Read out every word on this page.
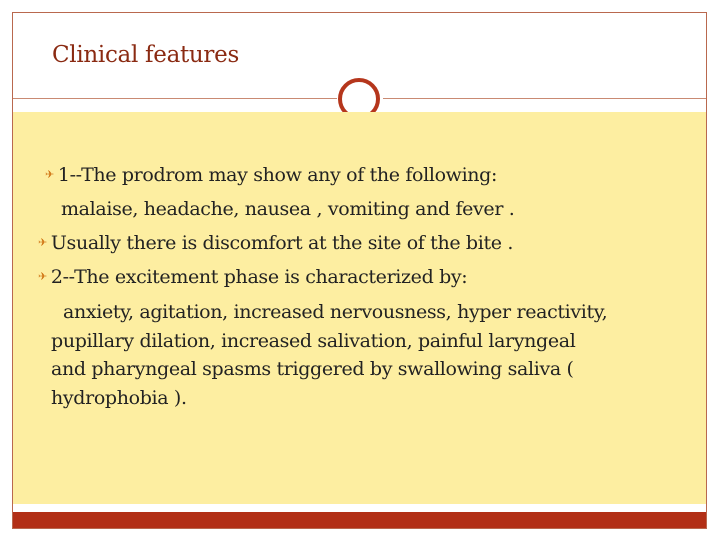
Clinical features
✈ 1--The prodrom may show any of the following:
malaise, headache, nausea , vomiting and fever .
✈ Usually there is discomfort at the site of the bite .
✈ 2--The excitement phase is characterized by:
anxiety, agitation, increased nervousness, hyper reactivity,
pupillary dilation, increased salivation, painful laryngeal
and pharyngeal spasms triggered by swallowing saliva (
hydrophobia ).
